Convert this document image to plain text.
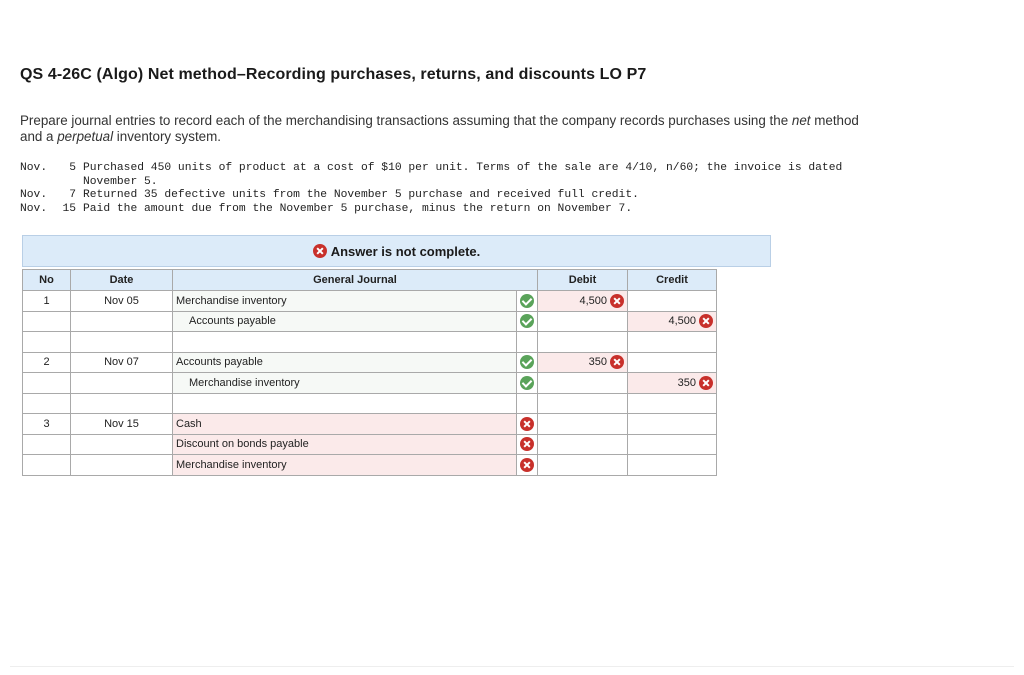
QS 4-26C (Algo) Net method–Recording purchases, returns, and discounts LO P7

Prepare journal entries to record each of the merchandising transactions assuming that the company records purchases using the net method and a perpetual inventory system.

Nov.	5 Purchased 450 units of product at a cost of $10 per unit. Terms of the sale are 4/10, n/60; the invoice is dated November 5.
Nov.	7 Returned 35 defective units from the November 5 purchase and received full credit.
Nov.	15 Paid the amount due from the November 5 purchase, minus the return on November 7.
Answer is not complete.
No	Date	General Journal		Debit	Credit
1	Nov 05	Merchandise inventory		4,500	

		Accounts payable			4,500

2	Nov 07	Accounts payable		350	

		Merchandise inventory			350

3	Nov 15	Cash			
		Discount on bonds payable			
		Merchandise inventory			
